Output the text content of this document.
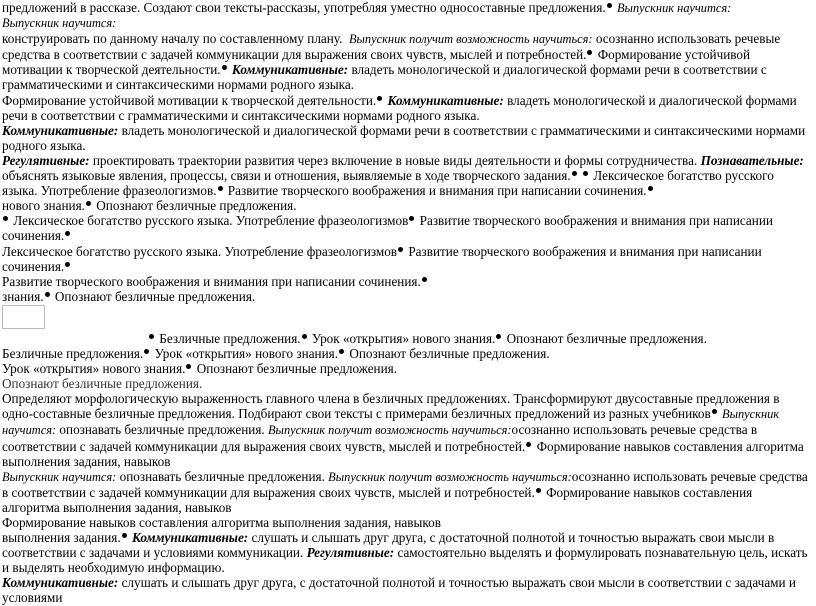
предложений в рассказе. Создают свои тексты-рассказы, употребляя уместно односоставные предложения. Выпускник научится:
Выпускник научится:
конструировать по данному началу по составленному плану. Выпускник получит возможность научиться: осознанно использовать речевые средства в соответствии с задачей коммуникации для выражения своих чувств, мыслей и потребностей. Формирование устойчивой мотивации к творческой деятельности. Коммуникативные: владеть монологической и диалогической формами речи в соответствии с грамматическими и синтаксическими нормами родного языка.
Формирование устойчивой мотивации к творческой деятельности. Коммуникативные: владеть монологической и диалогической формами речи в соответствии с грамматическими и синтаксическими нормами родного языка.
Коммуникативные: владеть монологической и диалогической формами речи в соответствии с грамматическими и синтаксическими нормами родного языка.
Регулятивные: проектировать траектории развития через включение в новые виды деятельности и формы сотрудничества. Познавательные: объяснять языковые явления, процессы, связи и отношения, выявляемые в ходе творческого задания. Лексическое богатство русского языка. Употребление фразеологизмов. Развитие творческого воображения и внимания при написании сочинения.
нового знания. Опознают безличные предложения.
Лексическое богатство русского языка. Употребление фразеологизмов Развитие творческого воображения и внимания при написании сочинения.
Лексическое богатство русского языка. Употребление фразеологизмов Развитие творческого воображения и внимания при написании сочинения.
Развитие творческого воображения и внимания при написании сочинения.
знания. Опознают безличные предложения.
Безличные предложения. Урок «открытия» нового знания. Опознают безличные предложения.
Безличные предложения. Урок «открытия» нового знания. Опознают безличные предложения.
Урок «открытия» нового знания. Опознают безличные предложения.
Опознают безличные предложения.
Определяют морфологическую выраженность главного члена в безличных предложениях. Трансформируют двусоставные предложения в одно-составные безличные предложения. Подбирают свои тексты с примерами безличных предложений из разных учебников Выпускник научится: опознавать безличные предложения. Выпускник получит возможность научиться:осознанно использовать речевые средства в соответствии с задачей коммуникации для выражения своих чувств, мыслей и потребностей. Формирование навыков составления алгоритма выполнения задания, навыков
Выпускник научится: опознавать безличные предложения. Выпускник получит возможность научиться:осознанно использовать речевые средства в соответствии с задачей коммуникации для выражения своих чувств, мыслей и потребностей. Формирование навыков составления алгоритма выполнения задания, навыков
Формирование навыков составления алгоритма выполнения задания, навыков
выполнения задания. Коммуникативные: слушать и слышать друг друга, с достаточной полнотой и точностью выражать свои мысли в соответствии с задачами и условиями коммуникации. Регулятивные: самостоятельно выделять и формулировать познавательную цель, искать и выделять необходимую информацию.
Коммуникативные: слушать и слышать друг друга, с достаточной полнотой и точностью выражать свои мысли в соответствии с задачами и условиями
